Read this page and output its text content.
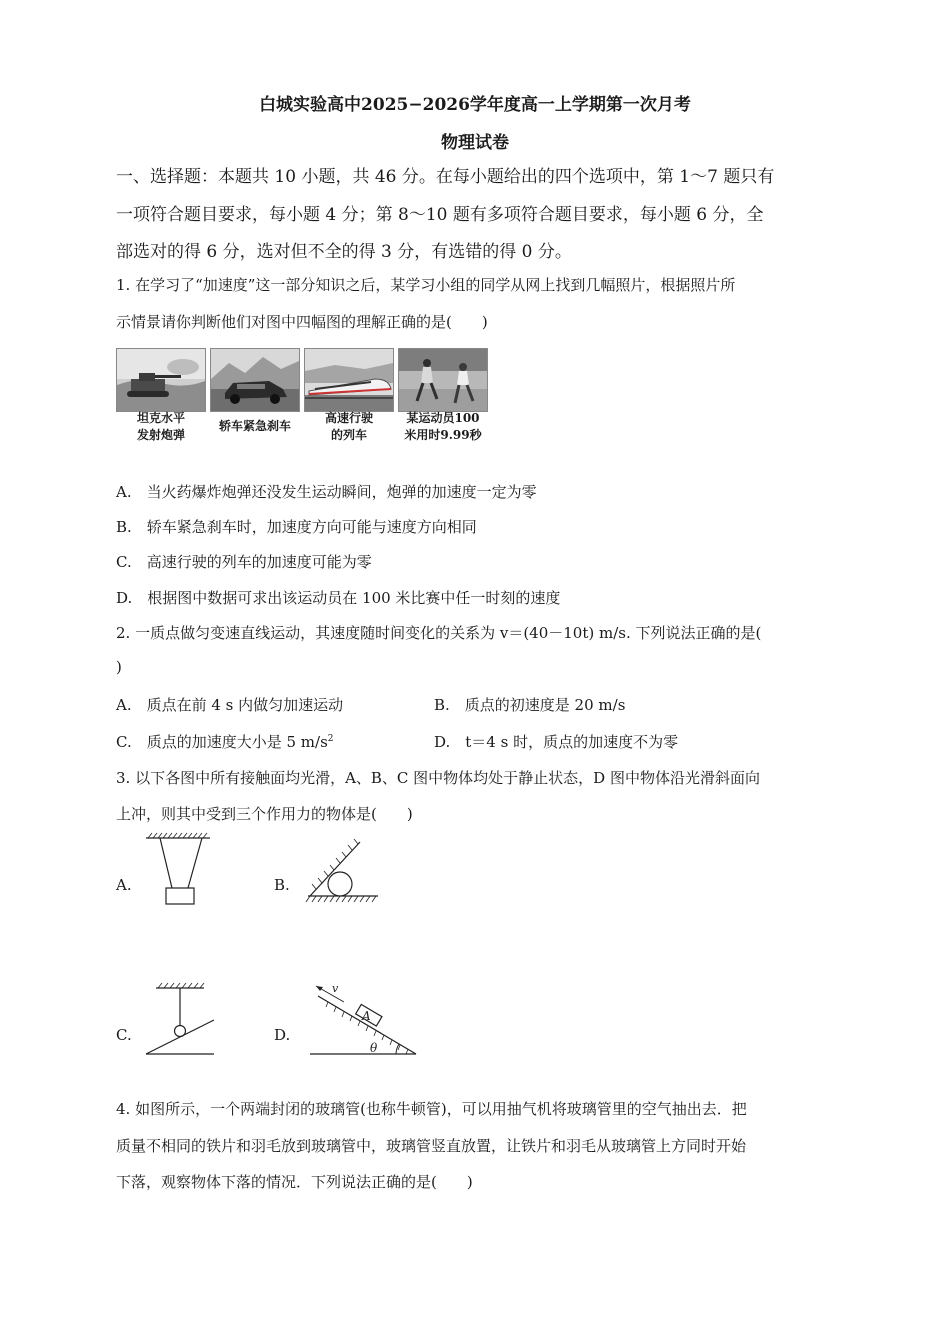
白城实验高中2025−2026学年度高一上学期第一次月考
物理试卷
一、选择题：本题共 10 小题，共 46 分。在每小题给出的四个选项中，第 1～7 题只有
一项符合题目要求，每小题 4 分；第 8～10 题有多项符合题目要求，每小题 6 分，全
部选对的得 6 分，选对但不全的得 3 分，有选错的得 0 分。
1. 在学习了“加速度”这一部分知识之后，某学习小组的同学从网上找到几幅照片，根据照片所
示情景请你判断他们对图中四幅图的理解正确的是(　　)
坦克水平
发射炮弹
轿车紧急刹车
高速行驶
的列车
某运动员100
米用时9.99秒
A.　当火药爆炸炮弹还没发生运动瞬间，炮弹的加速度一定为零
B.　轿车紧急刹车时，加速度方向可能与速度方向相同
C.　高速行驶的列车的加速度可能为零
D.　根据图中数据可求出该运动员在 100 米比赛中任一时刻的速度
2. 一质点做匀变速直线运动，其速度随时间变化的关系为 v＝(40－10t) m/s. 下列说法正确的是(
)
A.　质点在前 4 s 内做匀加速运动	B.　质点的初速度是 20 m/s
C.　质点的加速度大小是 5 $m/s^2$	D.　t＝4 s 时，质点的加速度不为零
3. 以下各图中所有接触面均光滑，A、B、C 图中物体均处于静止状态，D 图中物体沿光滑斜面向
上冲，则其中受到三个作用力的物体是(　　)
A.	B.
C.	D.
A
v
θ
4. 如图所示，一个两端封闭的玻璃管(也称牛顿管)，可以用抽气机将玻璃管里的空气抽出去．把
质量不相同的铁片和羽毛放到玻璃管中，玻璃管竖直放置，让铁片和羽毛从玻璃管上方同时开始
下落，观察物体下落的情况．下列说法正确的是(　　)
